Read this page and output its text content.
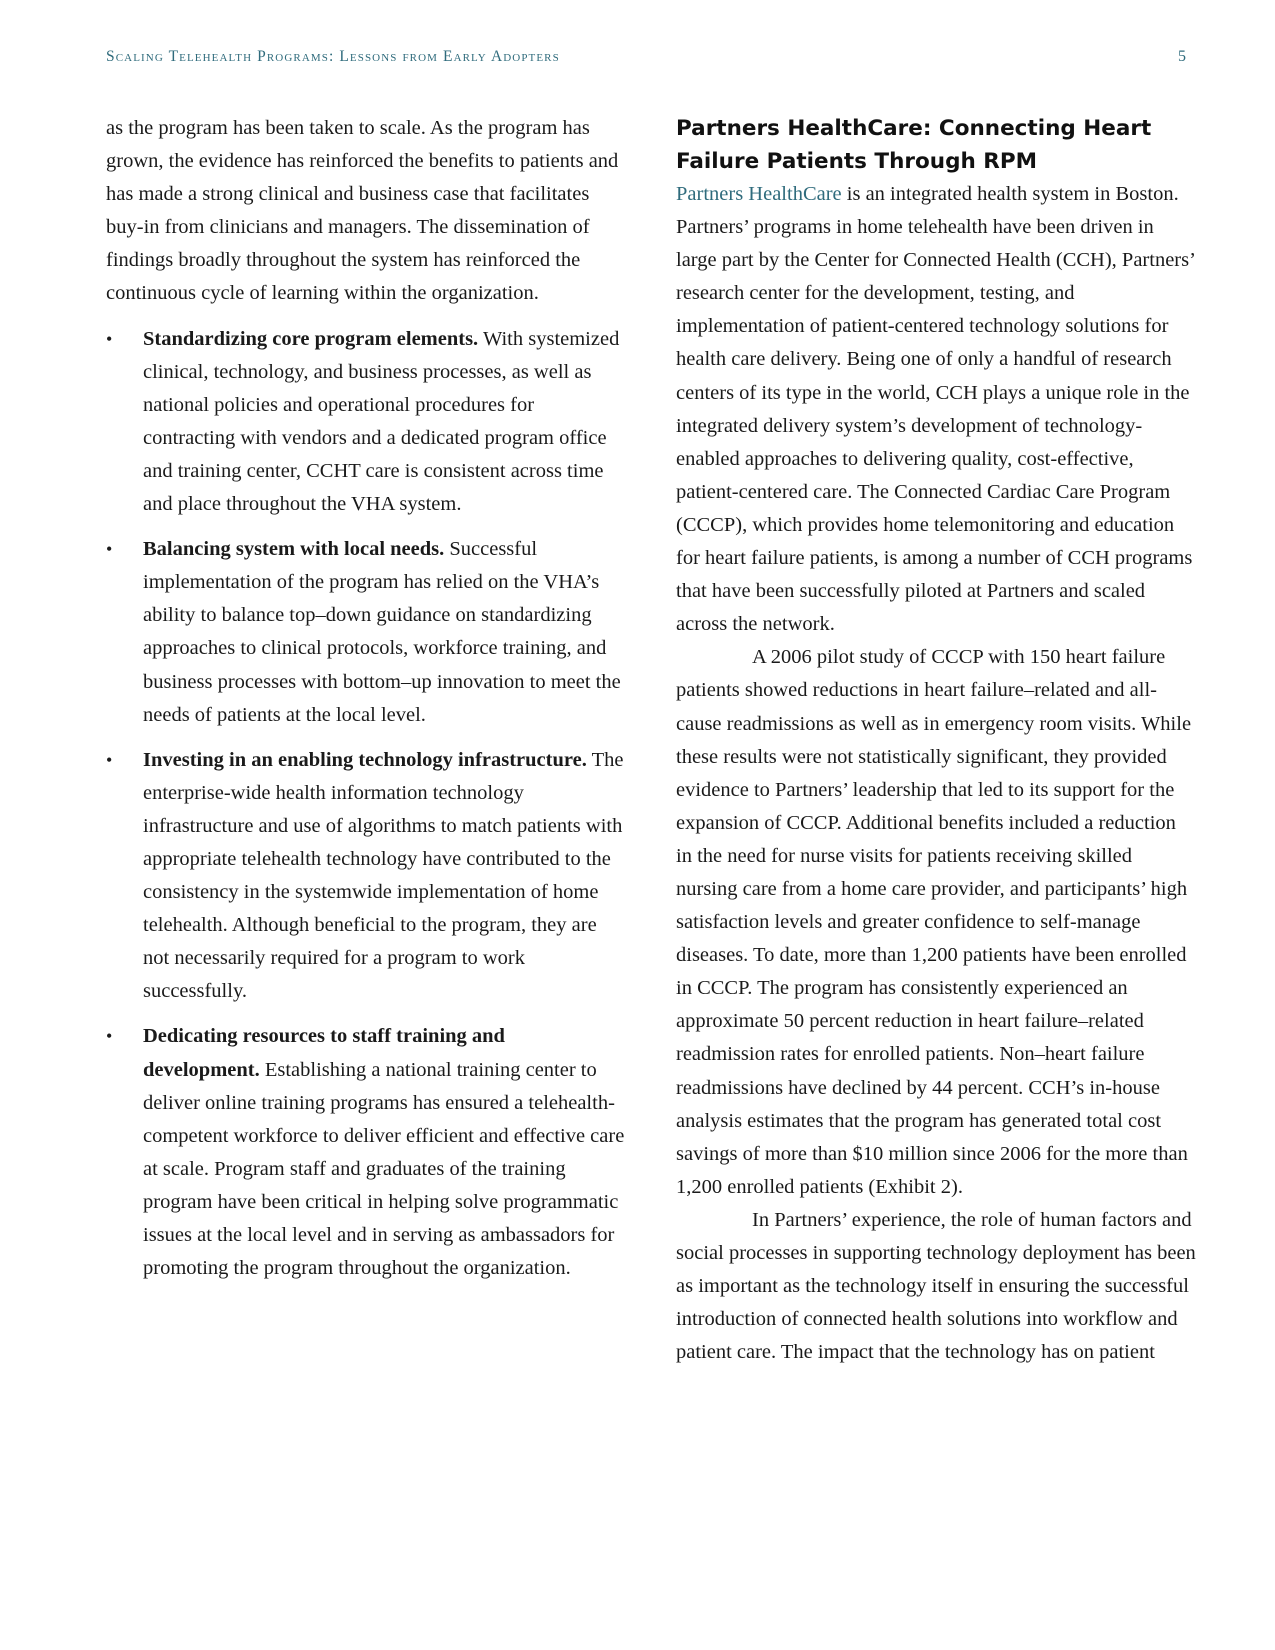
Scaling Telehealth Programs: Lessons from Early Adopters	5

as the program has been taken to scale. As the program has grown, the evidence has reinforced the benefits to patients and has made a strong clinical and business case that facilitates buy-in from clinicians and managers. The dissemination of findings broadly throughout the system has reinforced the continuous cycle of learning within the organization.

• Standardizing core program elements. With systemized clinical, technology, and business processes, as well as national policies and operational procedures for contracting with vendors and a dedicated program office and training center, CCHT care is consistent across time and place throughout the VHA system.
• Balancing system with local needs. Successful implementation of the program has relied on the VHA’s ability to balance top–down guidance on standardizing approaches to clinical protocols, workforce training, and business processes with bottom–up innovation to meet the needs of patients at the local level.
• Investing in an enabling technology infrastructure. The enterprise-wide health information technology infrastructure and use of algorithms to match patients with appropriate telehealth technology have contributed to the consistency in the systemwide implementation of home telehealth. Although beneficial to the program, they are not necessarily required for a program to work successfully.
• Dedicating resources to staff training and development. Establishing a national training center to deliver online training programs has ensured a telehealth-competent workforce to deliver efficient and effective care at scale. Program staff and graduates of the training program have been critical in helping solve programmatic issues at the local level and in serving as ambassadors for promoting the program throughout the organization.
Partners HealthCare: Connecting Heart Failure Patients Through RPM

Partners HealthCare is an integrated health system in Boston. Partners’ programs in home telehealth have been driven in large part by the Center for Connected Health (CCH), Partners’ research center for the development, testing, and implementation of patient-centered technology solutions for health care delivery. Being one of only a handful of research centers of its type in the world, CCH plays a unique role in the integrated delivery system’s development of technology-enabled approaches to delivering quality, cost-effective, patient-centered care. The Connected Cardiac Care Program (CCCP), which provides home telemonitoring and education for heart failure patients, is among a number of CCH programs that have been successfully piloted at Partners and scaled across the network.

A 2006 pilot study of CCCP with 150 heart failure patients showed reductions in heart failure–related and all-cause readmissions as well as in emergency room visits. While these results were not statistically significant, they provided evidence to Partners’ leadership that led to its support for the expansion of CCCP. Additional benefits included a reduction in the need for nurse visits for patients receiving skilled nursing care from a home care provider, and participants’ high satisfaction levels and greater confidence to self-manage diseases. To date, more than 1,200 patients have been enrolled in CCCP. The program has consistently experienced an approximate 50 percent reduction in heart failure–related readmission rates for enrolled patients. Non–heart failure readmissions have declined by 44 percent. CCH’s in-house analysis estimates that the program has generated total cost savings of more than $10 million since 2006 for the more than 1,200 enrolled patients (Exhibit 2).

In Partners’ experience, the role of human factors and social processes in supporting technology deployment has been as important as the technology itself in ensuring the successful introduction of connected health solutions into workflow and patient care. The impact that the technology has on patient
